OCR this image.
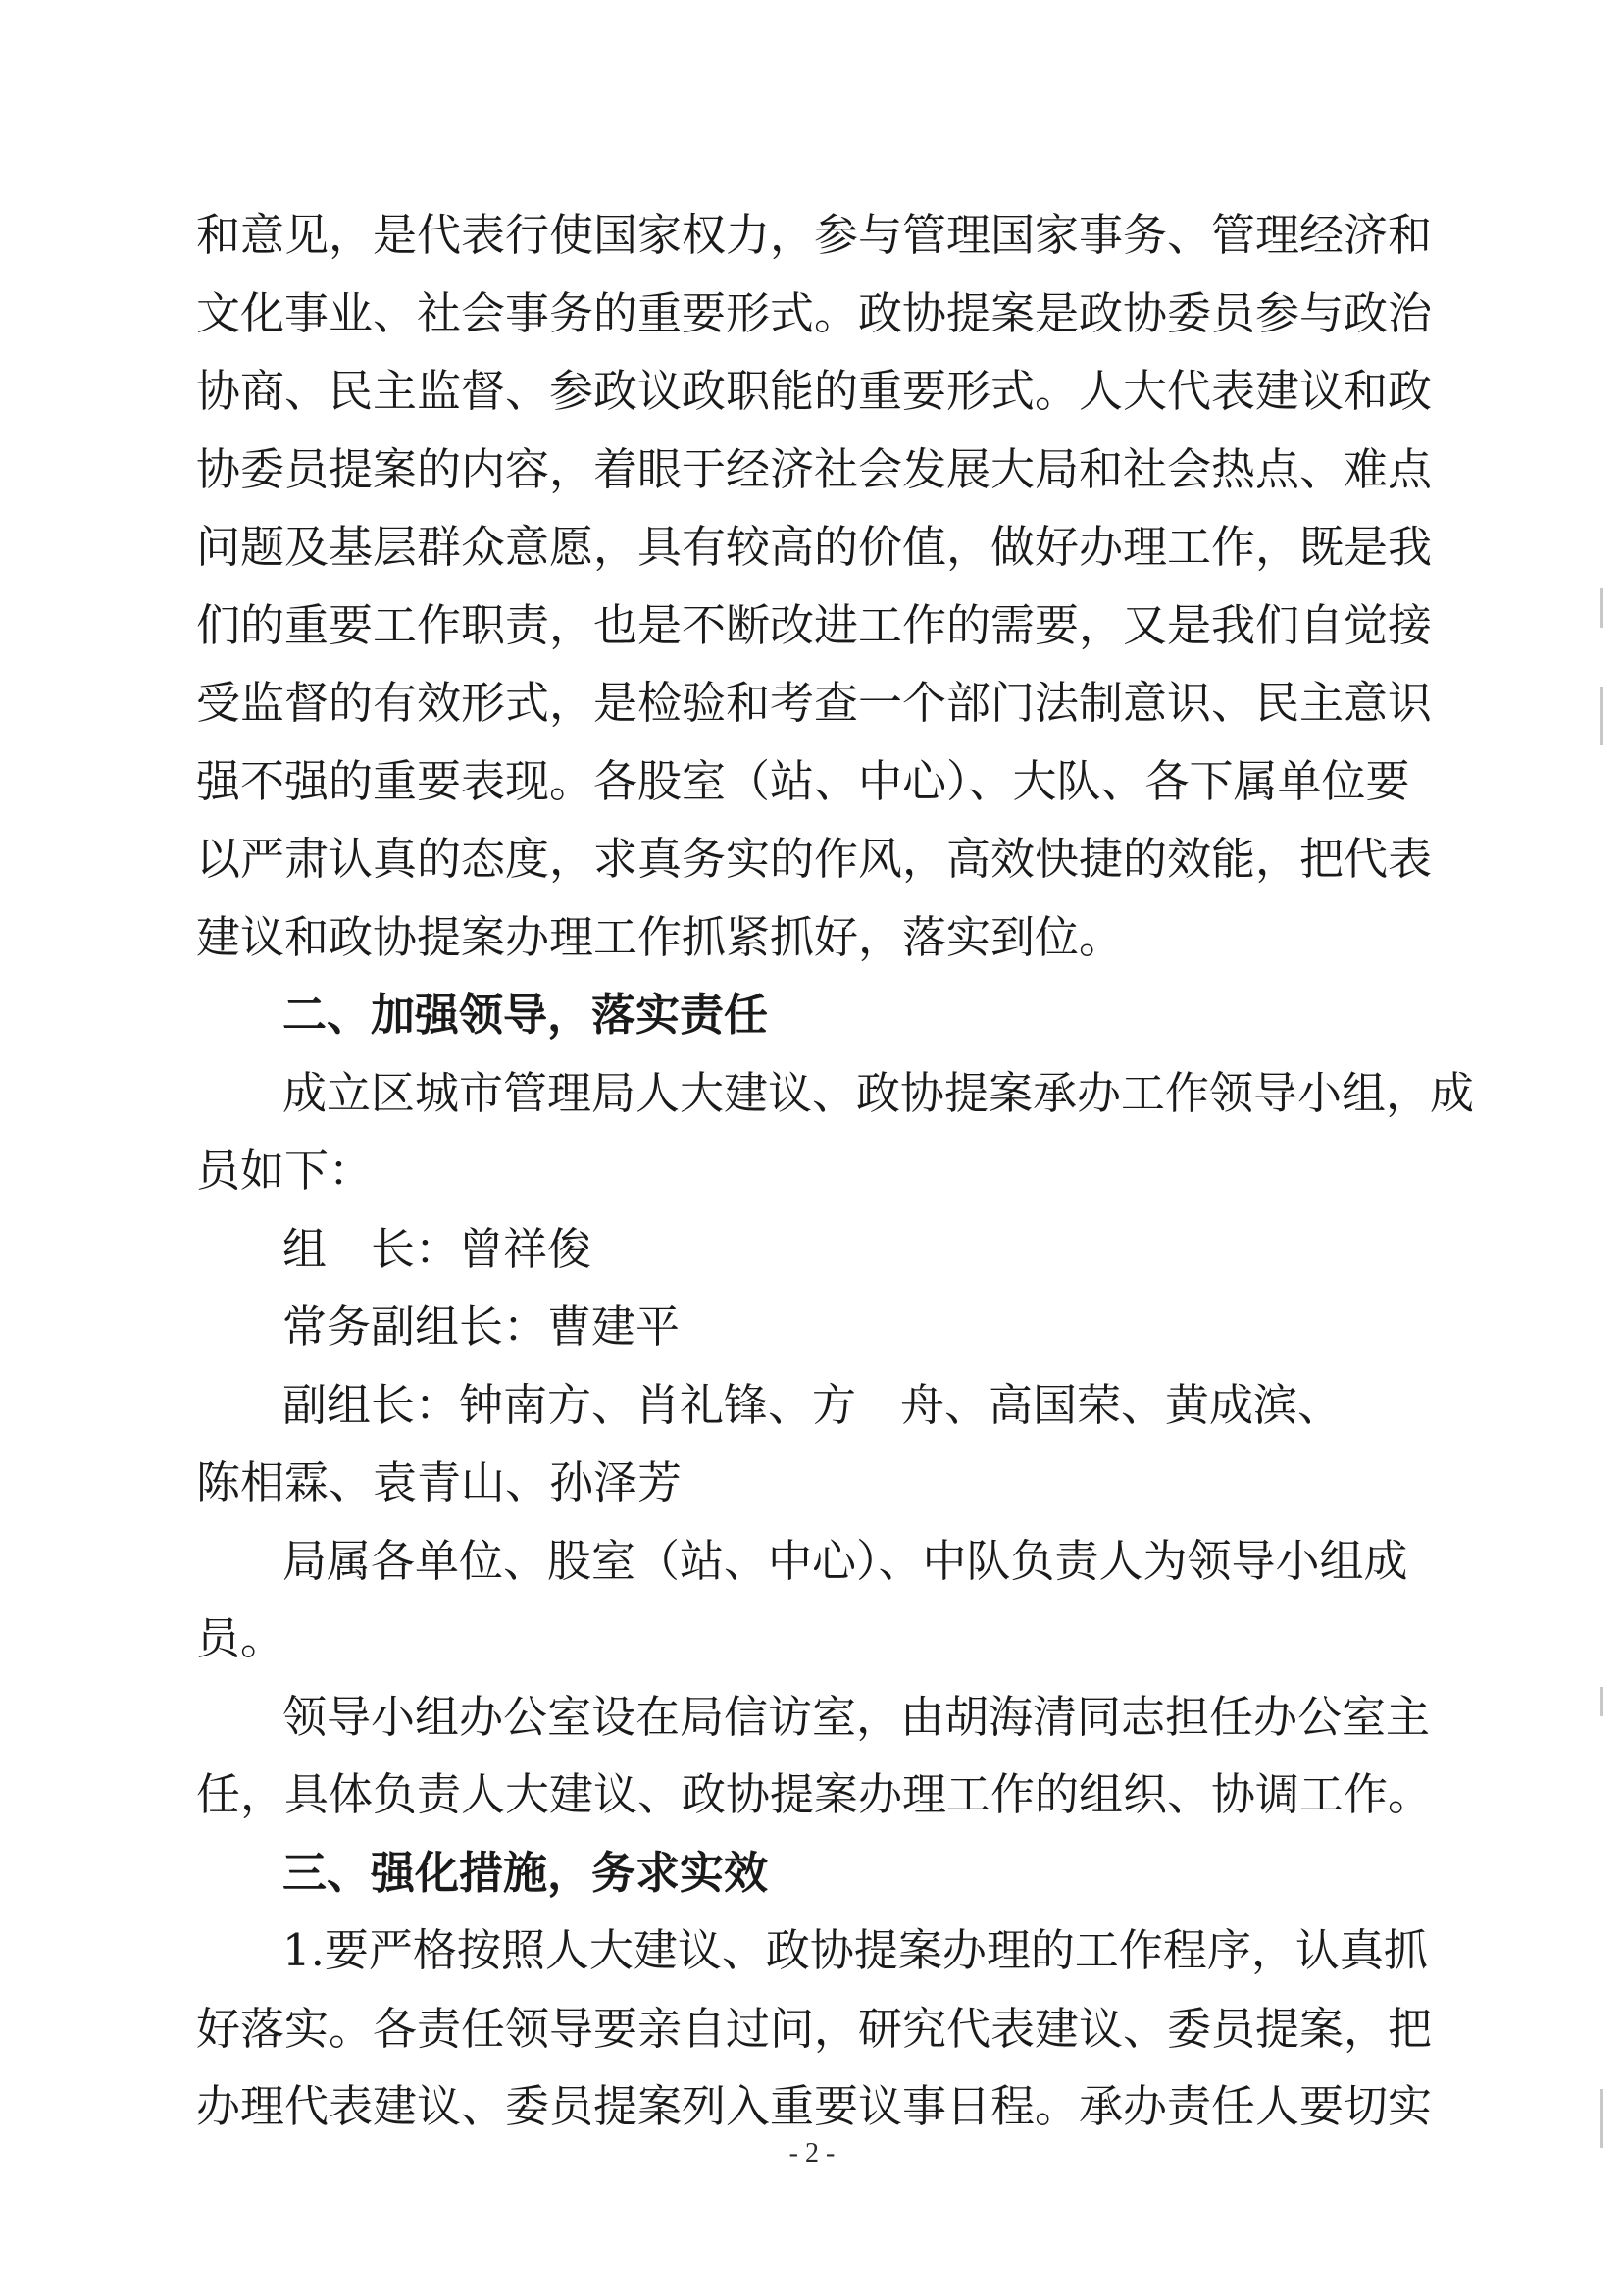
和意见，是代表行使国家权力，参与管理国家事务、管理经济和
文化事业、社会事务的重要形式。政协提案是政协委员参与政治
协商、民主监督、参政议政职能的重要形式。人大代表建议和政
协委员提案的内容，着眼于经济社会发展大局和社会热点、难点
问题及基层群众意愿，具有较高的价值，做好办理工作，既是我
们的重要工作职责，也是不断改进工作的需要，又是我们自觉接
受监督的有效形式，是检验和考查一个部门法制意识、民主意识
强不强的重要表现。各股室（站、中心）、大队、各下属单位要
以严肃认真的态度，求真务实的作风，高效快捷的效能，把代表
建议和政协提案办理工作抓紧抓好，落实到位。
二、加强领导，落实责任
成立区城市管理局人大建议、政协提案承办工作领导小组，成
员如下：
组　长：曾祥俊
常务副组长：曹建平
副组长：钟南方、肖礼锋、方　舟、高国荣、黄成滨、
陈相霖、袁青山、孙泽芳
局属各单位、股室（站、中心）、中队负责人为领导小组成
员。
领导小组办公室设在局信访室，由胡海清同志担任办公室主
任，具体负责人大建议、政协提案办理工作的组织、协调工作。
三、强化措施，务求实效
1.要严格按照人大建议、政协提案办理的工作程序，认真抓
好落实。各责任领导要亲自过问，研究代表建议、委员提案，把
办理代表建议、委员提案列入重要议事日程。承办责任人要切实
- 2 -
